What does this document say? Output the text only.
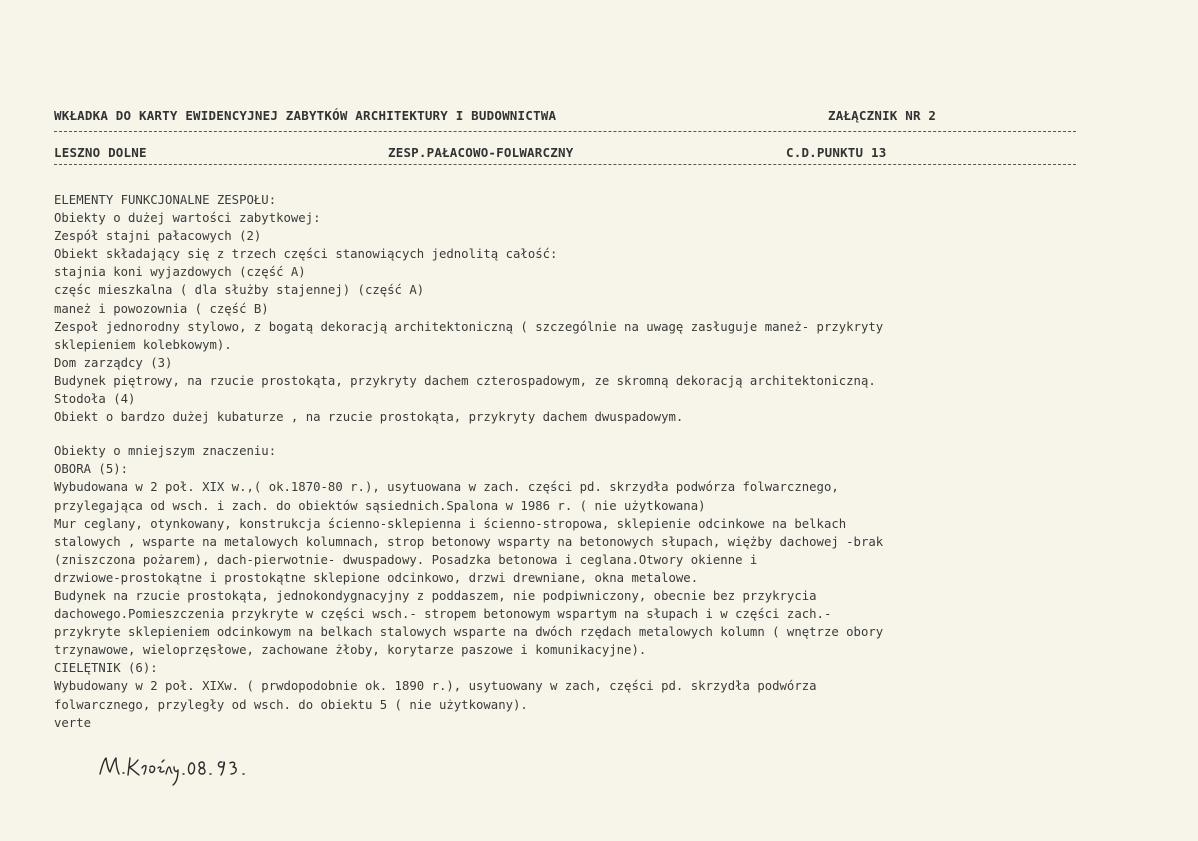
WKŁADKA DO KARTY EWIDENCYJNEJ ZABYTKÓW ARCHITEKTURY I BUDOWNICTWA	ZAŁĄCZNIK NR 2
LESZNO DOLNE	ZESP.PAŁACOWO-FOLWARCZNY	C.D.PUNKTU 13
ELEMENTY FUNKCJONALNE ZESPOŁU:
Obiekty o dużej wartości zabytkowej:
Zespół stajni pałacowych (2)
Obiekt składający się z trzech części stanowiących jednolitą całość:
stajnia koni wyjazdowych (część A)
częśc mieszkalna ( dla służby stajennej) (część A)
maneż i powozownia ( część B)
Zespoł jednorodny stylowo, z bogatą dekoracją architektoniczną ( szczególnie na uwagę zasługuje maneż- przykryty
sklepieniem kolebkowym).
Dom zarządcy (3)
Budynek piętrowy, na rzucie prostokąta, przykryty dachem czterospadowym, ze skromną dekoracją architektoniczną.
Stodoła (4)
Obiekt o bardzo dużej kubaturze , na rzucie prostokąta, przykryty dachem dwuspadowym.
Obiekty o mniejszym znaczeniu:
OBORA (5):
Wybudowana w 2 poł. XIX w.,( ok.1870-80 r.), usytuowana w zach. części pd. skrzydła podwórza folwarcznego,
przylegająca od wsch. i zach. do obiektów sąsiednich.Spalona w 1986 r. ( nie użytkowana)
Mur ceglany, otynkowany, konstrukcja ścienno-sklepienna i ścienno-stropowa, sklepienie odcinkowe na belkach
stalowych , wsparte na metalowych kolumnach, strop betonowy wsparty na betonowych słupach, więżby dachowej -brak
(zniszczona pożarem), dach-pierwotnie- dwuspadowy. Posadzka betonowa i ceglana.Otwory okienne i
drzwiowe-prostokątne i prostokątne sklepione odcinkowo, drzwi drewniane, okna metalowe.
Budynek na rzucie prostokąta, jednokondygnacyjny z poddaszem, nie podpiwniczony, obecnie bez przykrycia
dachowego.Pomieszczenia przykryte w części wsch.- stropem betonowym wspartym na słupach i w części zach.-
przykryte sklepieniem odcinkowym na belkach stalowych wsparte na dwóch rzędach metalowych kolumn ( wnętrze obory
trzynawowe, wieloprzęsłowe, zachowane żłoby, korytarze paszowe i komunikacyjne).
CIELĘTNIK (6):
Wybudowany w 2 poł. XIXw. ( prwdopodobnie ok. 1890 r.), usytuowany w zach, części pd. skrzydła podwórza
folwarcznego, przyległy od wsch. do obiektu 5 ( nie użytkowany).
verte
